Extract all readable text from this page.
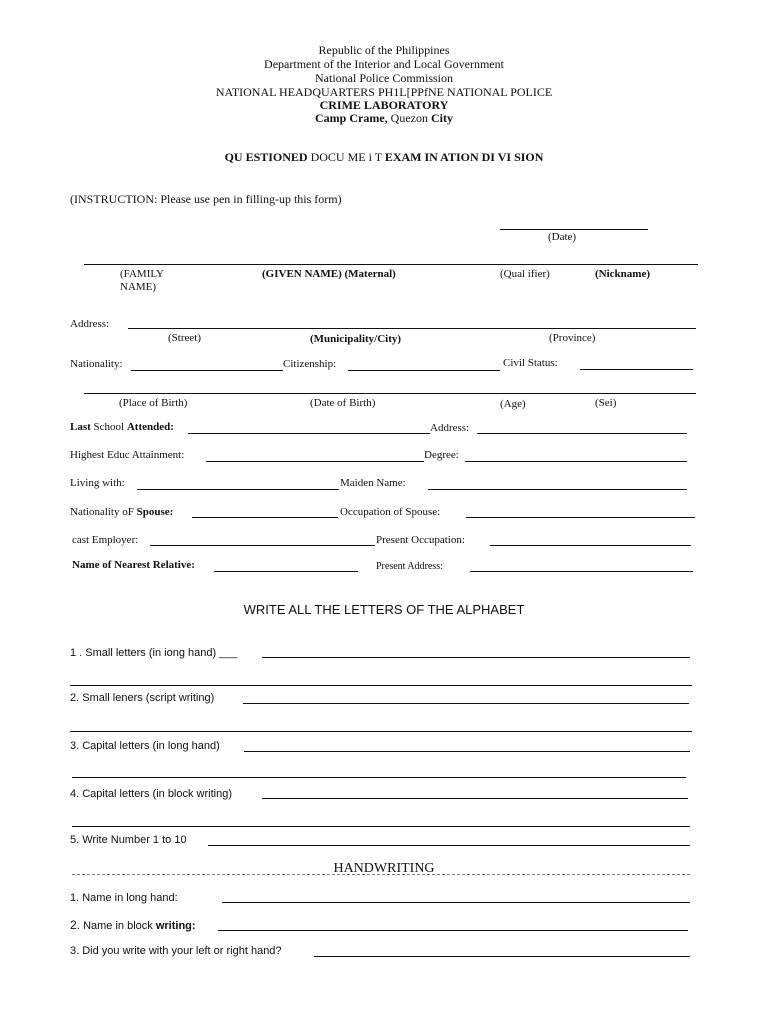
Republic of the Philippines
Department of the Interior and Local Government
National Police Commission
NATIONAL HEADQUARTERS PH1L[PPfNE NATIONAL POLICE
CRIME LABORATORY
Camp Crame, Quezon City
QU ESTIONED DOCU ME i T EXAM IN ATION DI VI SION
(INSTRUCTION: Please use pen in filling-up this form)
(Date)
(FAMILY
NAME)
(GIVEN NAME) (Maternal)	(Qual ifier)	(Nickname)
Address:
(Street)	(Municipality/City)	(Province)
Nationality:	Citizenship:	Civil Status:
(Place of Birth)	(Date of Birth)	(Age)	(Sei)
Last School Attended:	Address:
Highest Educ Attainment:	Degree:
Living with:	Maiden Name:
Nationality oF Spouse:	Occupation of Spouse:
cast Employer:	Present Occupation:
Name of Nearest Relative:	Present Address:
WRITE ALL THE LETTERS OF THE ALPHABET
1 . Small letters (in iong hand) ___
2. Small leners (script writing)
3. Capital letters (in long hand)
4. Capital letters (in block writing)
5. Write Number 1 to 10
HANDWRITING
1. Name in long hand:
2. Name in block writing:
3. Did you write with your left or right hand?
